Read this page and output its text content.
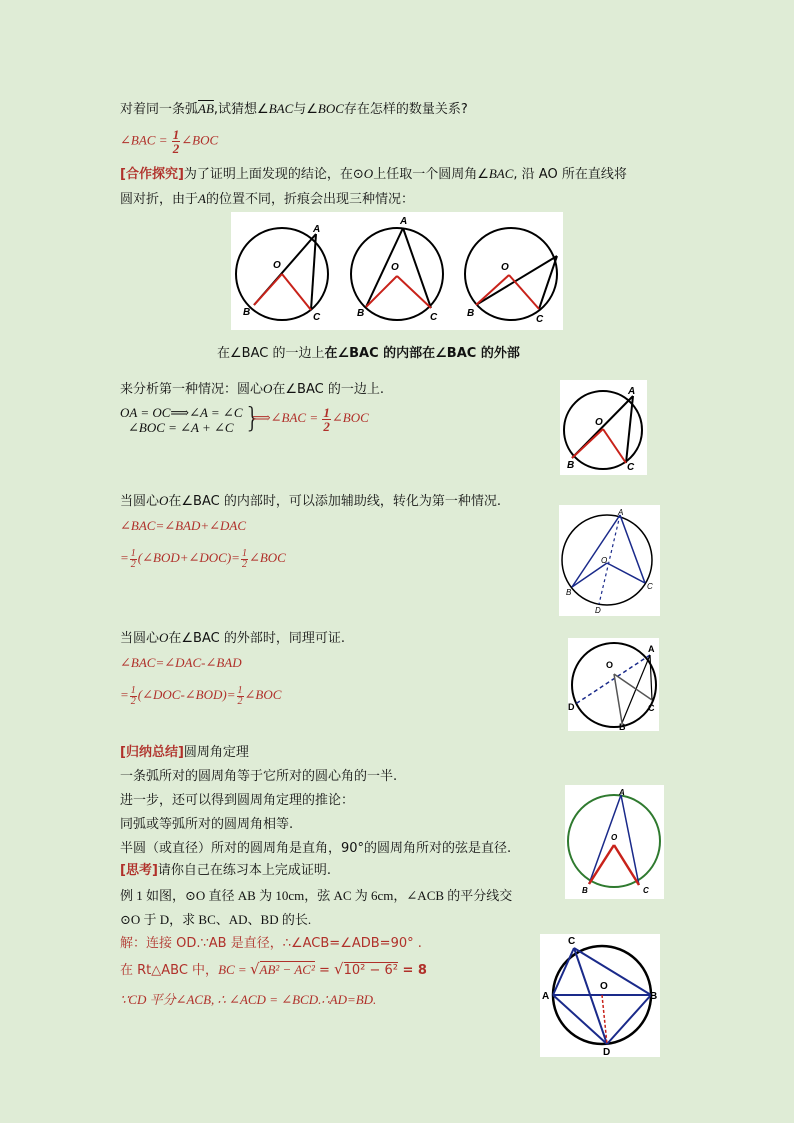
对着同一条弧$\overline{AB}$,试猜想∠BAC与∠BOC存在怎样的数量关系?
∠BAC = $\frac{1}{2}$ ∠BOC
[合作探究]为了证明上面发现的结论，在⊙O上任取一个圆周角∠BAC, 沿 AO 所在直线将
圆对折，由于A的位置不同，折痕会出现三种情况：
A
O
B	C
A
O
B	C
O
B
C
在∠BAC 的一边上在∠BAC 的内部在∠BAC 的外部
来分析第一种情况：圆心O在∠BAC 的一边上.
OA = OC⟹∠A = ∠C
∠BOC = ∠A + ∠C }
⟹∠BAC = $\frac{1}{2}$ ∠BOC
A
O
B	C
当圆心O在∠BAC 的内部时，可以添加辅助线，转化为第一种情况.
∠BAC=∠BAD+∠DAC
= $\frac{1}{2}$ (∠BOD+∠DOC)= $\frac{1}{2}$ ∠BOC
A
O
B
C
D
当圆心O在∠BAC 的外部时，同理可证.
∠BAC=∠DAC-∠BAD
= $\frac{1}{2}$ (∠DOC-∠BOD)= $\frac{1}{2}$ ∠BOC
O
A
C
B
D
[归纳总结]圆周角定理
一条弧所对的圆周角等于它所对的圆心角的一半.
进一步，还可以得到圆周角定理的推论：
同弧或等弧所对的圆周角相等.
半圆（或直径）所对的圆周角是直角，90°的圆周角所对的弦是直径.
A
O
B	C
[思考]请你自己在练习本上完成证明.
例 1 如图，⊙O 直径 AB 为 10cm，弦 AC 为 6cm，∠ACB 的平分线交
⊙O 于 D，求 BC、AD、BD 的长.
解：连接 OD.∵AB 是直径，∴∠ACB=∠ADB=90° .
在 Rt△ABC 中，BC = √AB² − AC² = √10² − 6² = 8
∵CD 平分∠ACB, ∴ ∠ACD = ∠BCD.∴AD=BD.
C
O
A	B
D
